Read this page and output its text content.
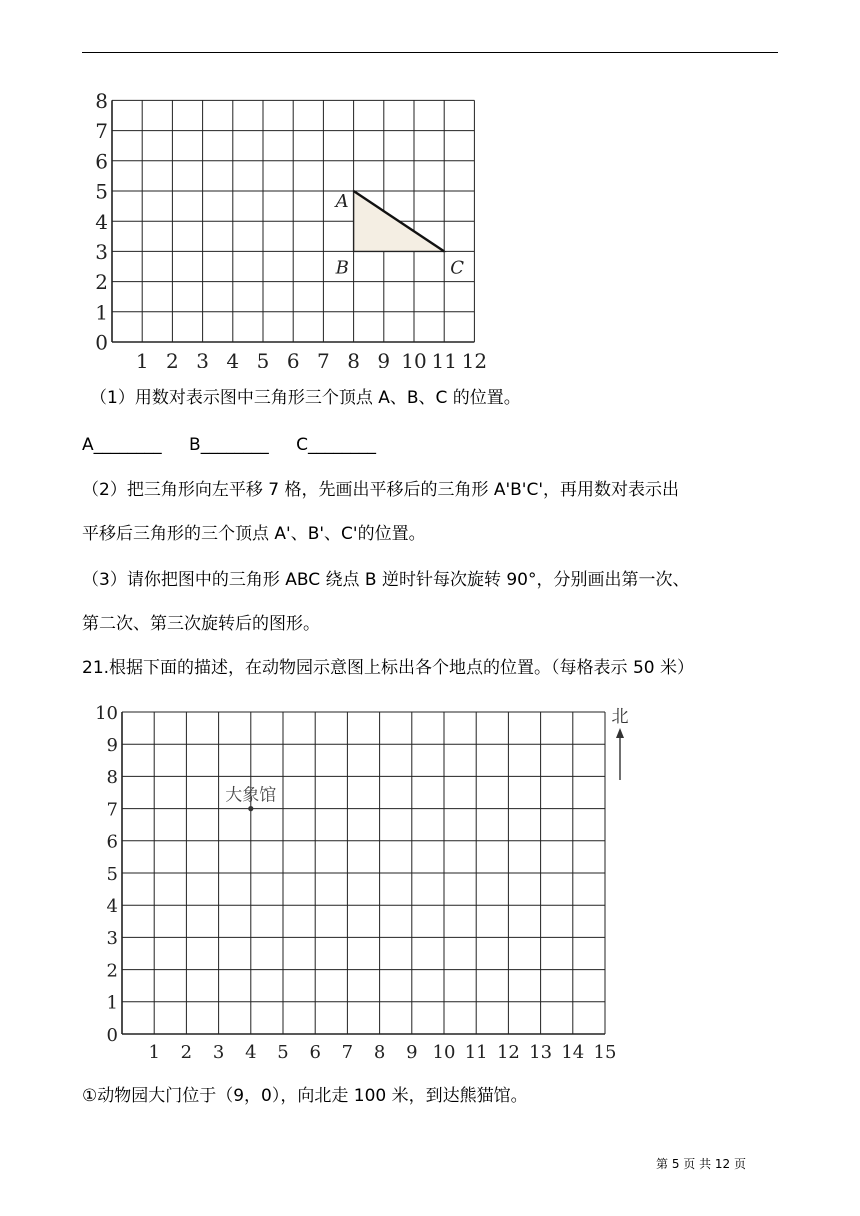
1 2 3 4 5 6 7 8 9 10 11 12
0
1
2
3
4
5
6
7
8
A
B	C
（1）用数对表示图中三角形三个顶点 A、B、C 的位置。
A________ B________ C________
（2）把三角形向左平移 7 格，先画出平移后的三角形 A'B'C'，再用数对表示出
平移后三角形的三个顶点 A'、B'、C'的位置。
（3）请你把图中的三角形 ABC 绕点 B 逆时针每次旋转 90°，分别画出第一次、
第二次、第三次旋转后的图形。
21.根据下面的描述，在动物园示意图上标出各个地点的位置。（每格表示 50 米）
1 2 3 4 5 6 7 8 9 10 11 12 13 14 15
0
1
2
3
4
5
6
7
8
9
10
大象馆
北
①动物园大门位于（9，0），向北走 100 米，到达熊猫馆。
第 5 页 共 12 页
